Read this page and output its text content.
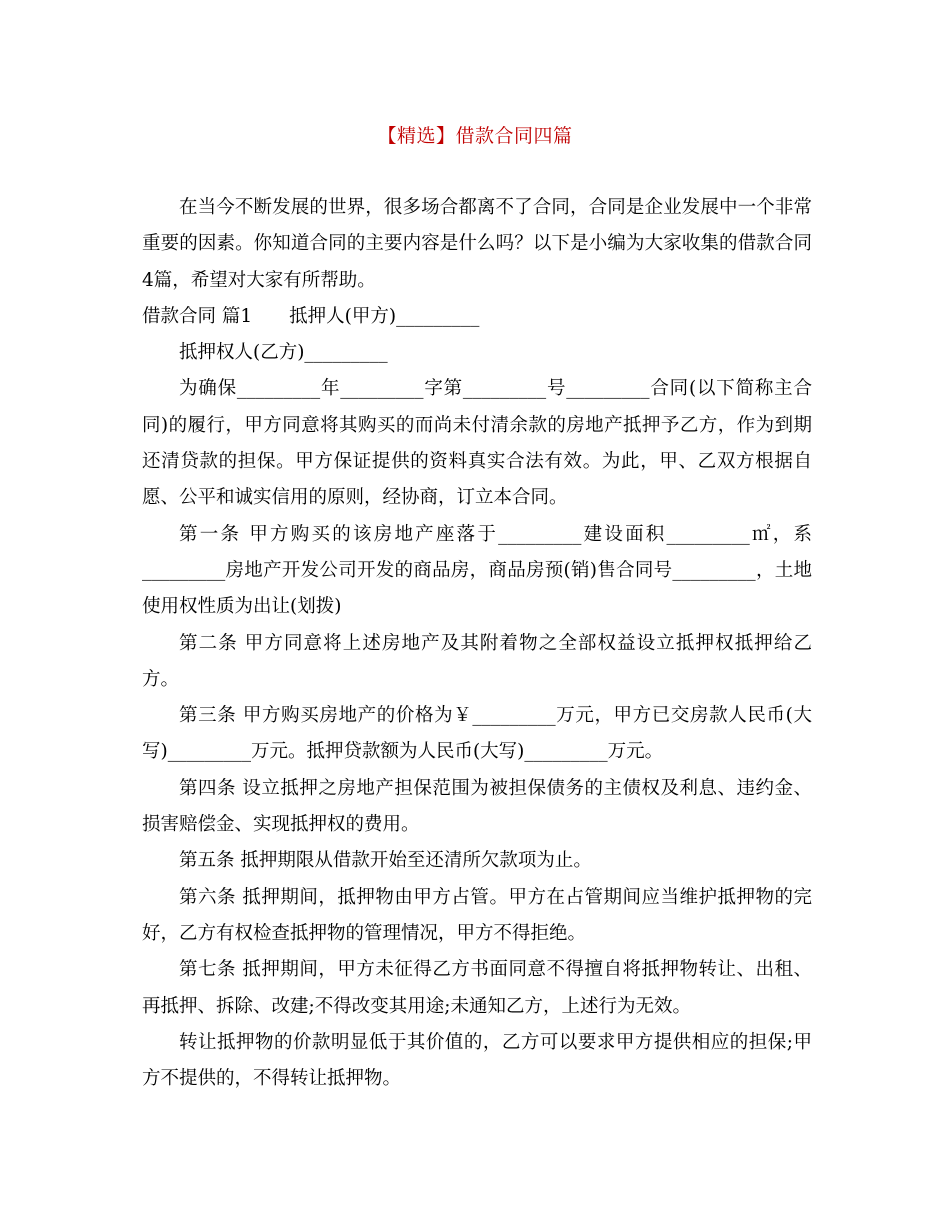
【精选】借款合同四篇

在当今不断发展的世界，很多场合都离不了合同，合同是企业发展中一个非常重要的因素。你知道合同的主要内容是什么吗？以下是小编为大家收集的借款合同4篇，希望对大家有所帮助。

借款合同 篇1　　抵押人(甲方)_________

抵押权人(乙方)_________

为确保_________年_________字第_________号_________合同(以下简称主合同)的履行，甲方同意将其购买的而尚未付清余款的房地产抵押予乙方，作为到期还清贷款的担保。甲方保证提供的资料真实合法有效。为此，甲、乙双方根据自愿、公平和诚实信用的原则，经协商，订立本合同。

第一条 甲方购买的该房地产座落于_________建设面积_________㎡，系_________房地产开发公司开发的商品房，商品房预(销)售合同号_________，土地使用权性质为出让(划拨)

第二条 甲方同意将上述房地产及其附着物之全部权益设立抵押权抵押给乙方。

第三条 甲方购买房地产的价格为￥_________万元，甲方已交房款人民币(大写)_________万元。抵押贷款额为人民币(大写)_________万元。

第四条 设立抵押之房地产担保范围为被担保债务的主债权及利息、违约金、损害赔偿金、实现抵押权的费用。

第五条 抵押期限从借款开始至还清所欠款项为止。

第六条 抵押期间，抵押物由甲方占管。甲方在占管期间应当维护抵押物的完好，乙方有权检查抵押物的管理情况，甲方不得拒绝。

第七条 抵押期间，甲方未征得乙方书面同意不得擅自将抵押物转让、出租、再抵押、拆除、改建;不得改变其用途;未通知乙方，上述行为无效。

转让抵押物的价款明显低于其价值的，乙方可以要求甲方提供相应的担保;甲方不提供的，不得转让抵押物。
